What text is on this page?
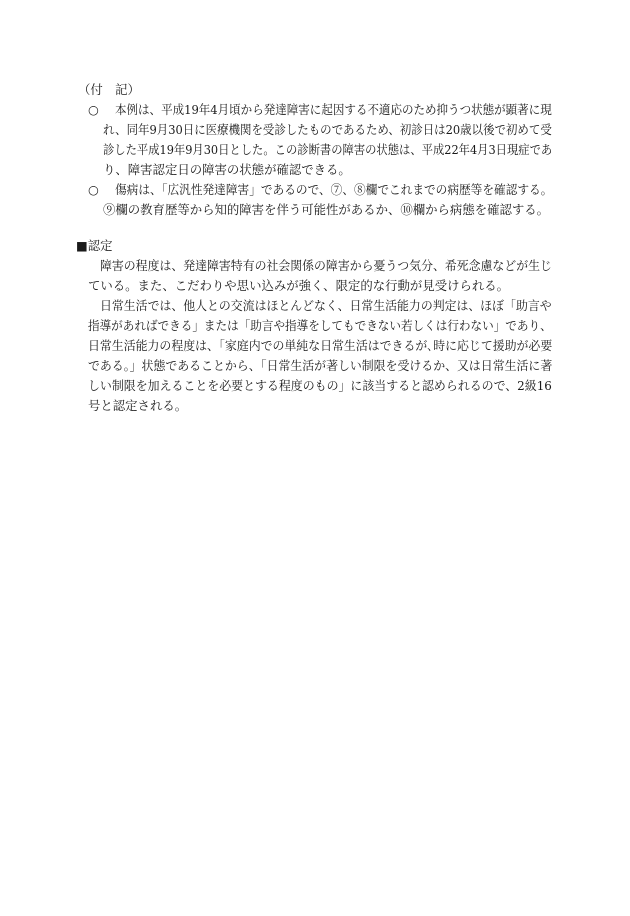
（付　記）
○ 本例は、平成19年4月頃から発達障害に起因する不適応のため抑うつ状態が顕著に現
れ、同年9月30日に医療機関を受診したものであるため、初診日は20歳以後で初めて受
診した平成19年9月30日とした。この診断書の障害の状態は、平成22年4月3日現症であ
り、障害認定日の障害の状態が確認できる。
○ 傷病は、「広汎性発達障害」であるので、⑦、⑧欄でこれまでの病歴等を確認する。
⑨欄の教育歴等から知的障害を伴う可能性があるか、⑩欄から病態を確認する。
■認定
障害の程度は、発達障害特有の社会関係の障害から憂うつ気分、希死念慮などが生じ
ている。また、こだわりや思い込みが強く、限定的な行動が見受けられる。
日常生活では、他人との交流はほとんどなく、日常生活能力の判定は、ほぼ「助言や
指導があればできる」または「助言や指導をしてもできない若しくは行わない」であり、
日常生活能力の程度は、「家庭内での単純な日常生活はできるが､時に応じて援助が必要
である。」状態であることから、「日常生活が著しい制限を受けるか、又は日常生活に著
しい制限を加えることを必要とする程度のもの」に該当すると認められるので、2級16
号と認定される。
